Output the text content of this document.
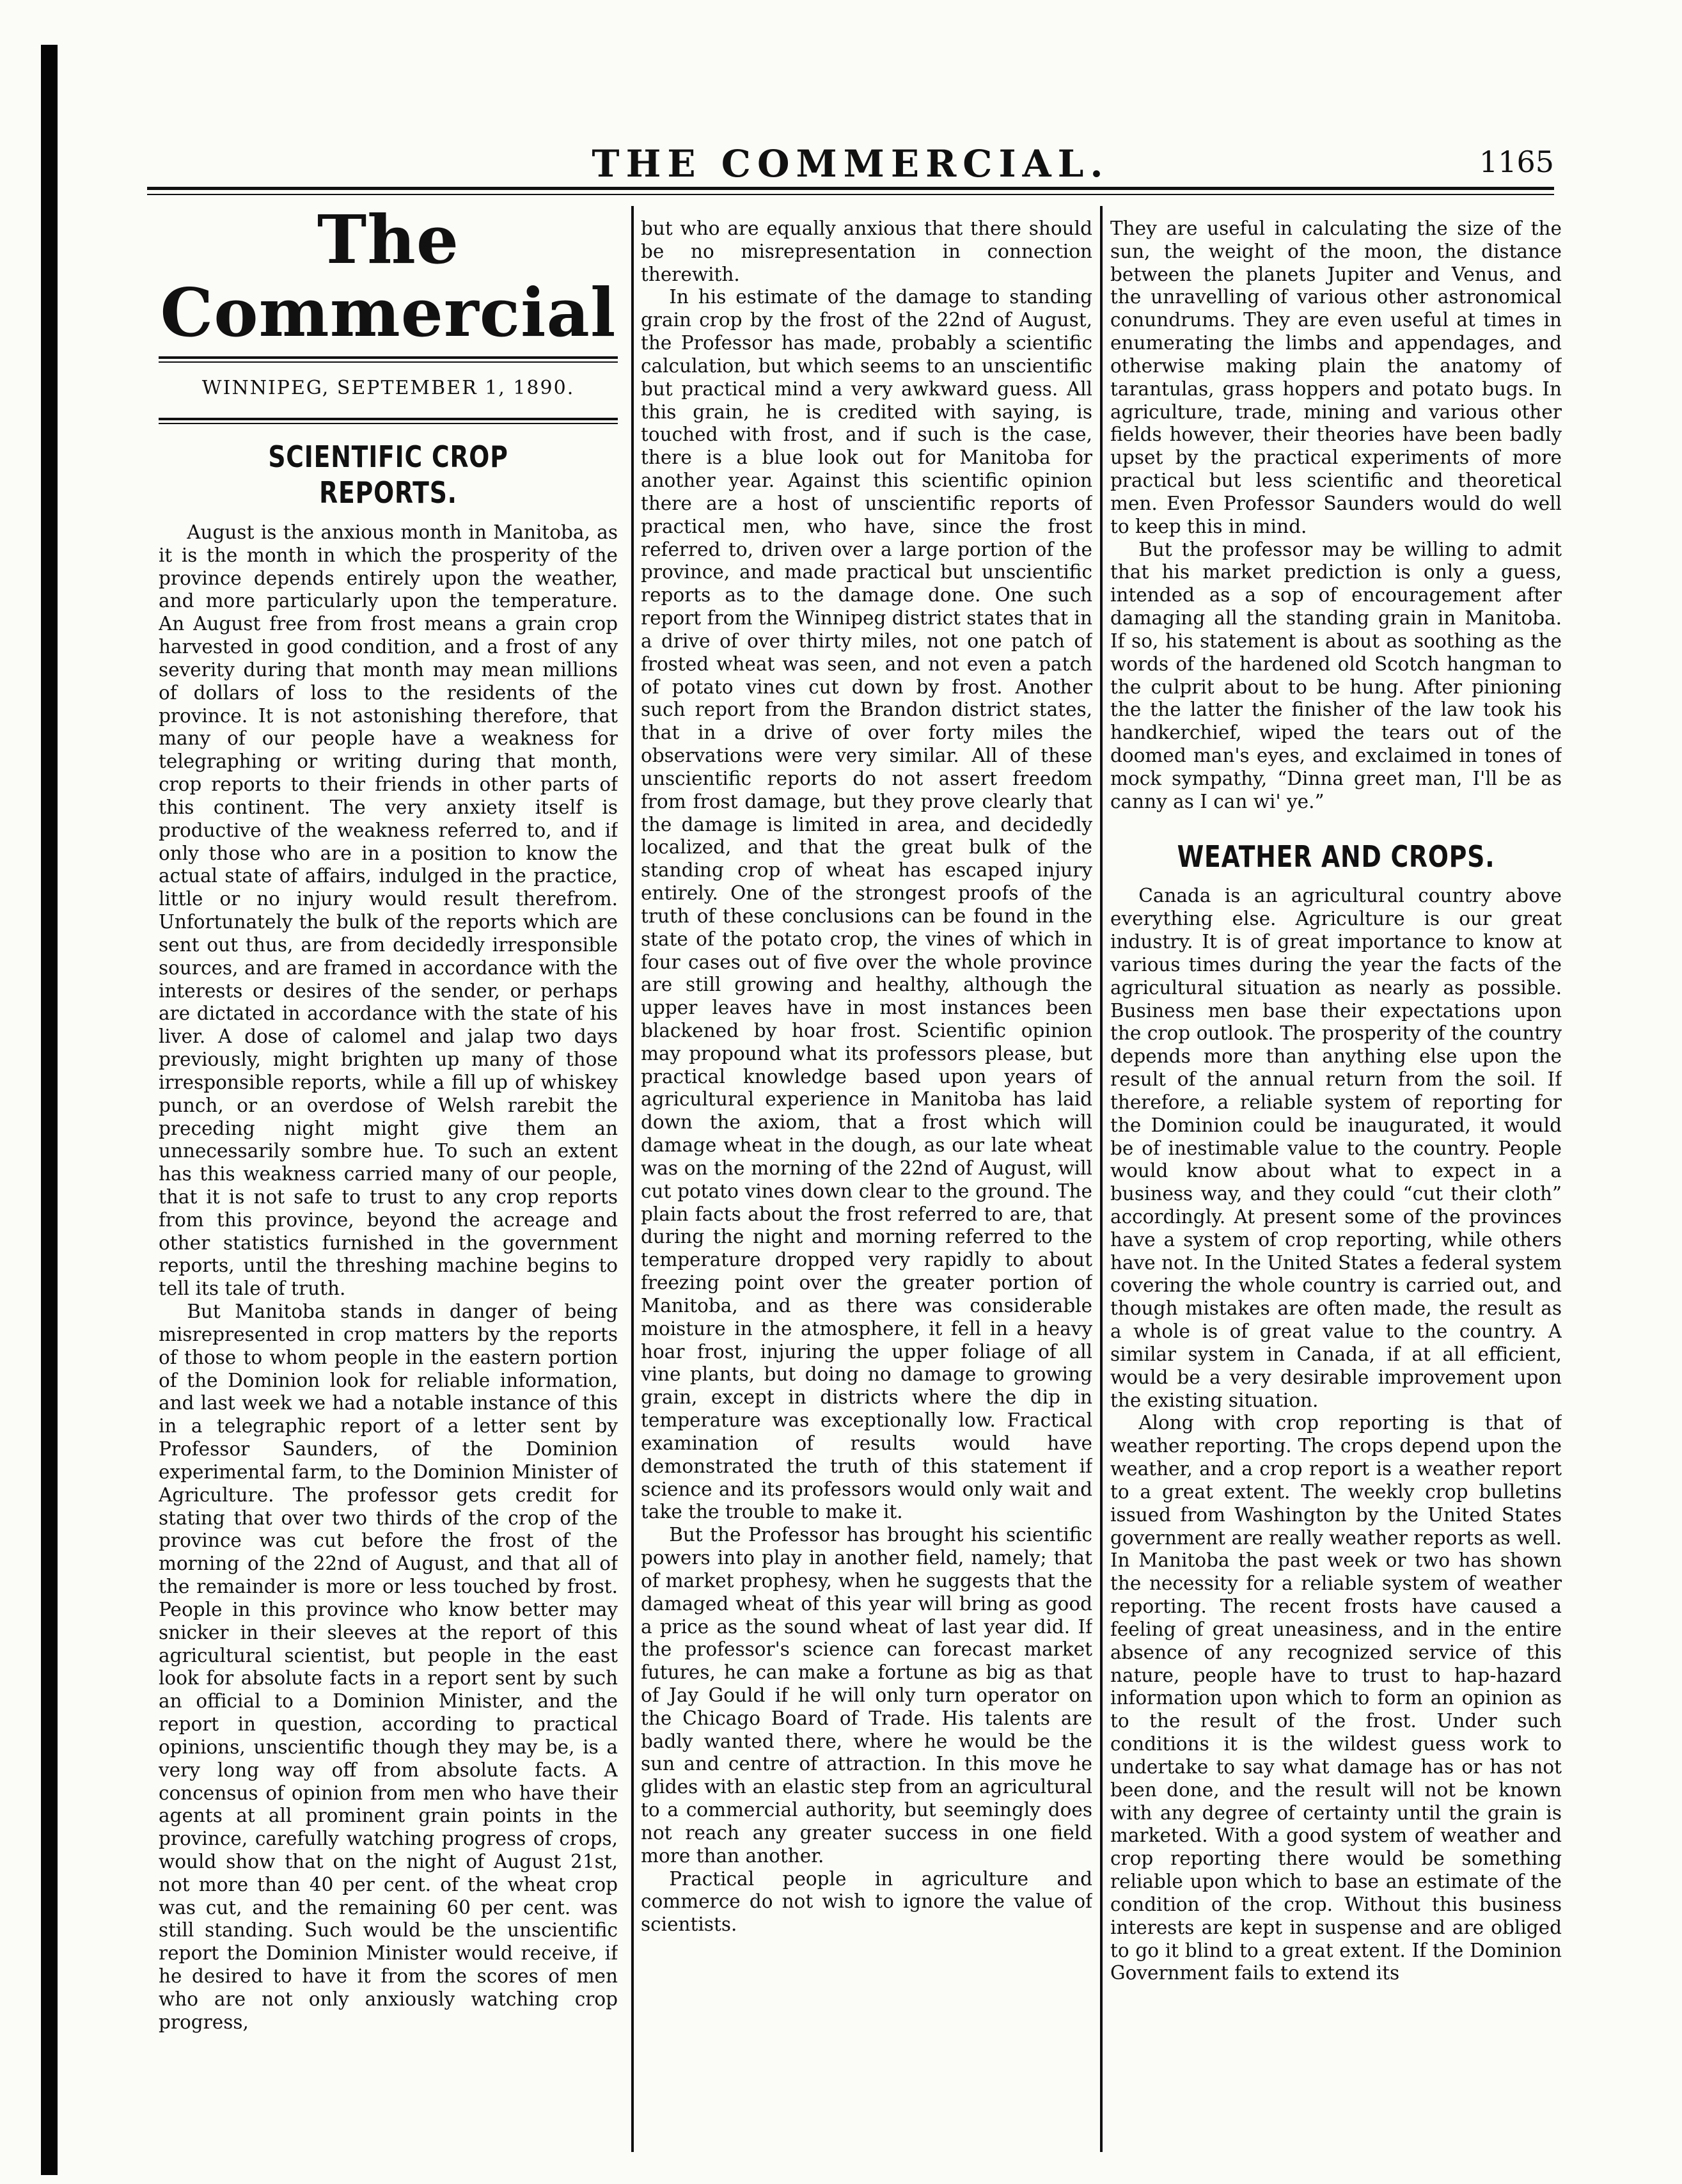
THE COMMERCIAL.	1165
The Commercial
WINNIPEG, SEPTEMBER 1, 1890.
SCIENTIFIC CROP REPORTS.

August is the anxious month in Manitoba, as it is the month in which the prosperity of the province depends entirely upon the weather, and more particularly upon the temperature. An August free from frost means a grain crop harvested in good condition, and a frost of any severity during that month may mean millions of dollars of loss to the residents of the province. It is not astonishing therefore, that many of our people have a weakness for telegraphing or writing during that month, crop reports to their friends in other parts of this continent. The very anxiety itself is productive of the weakness referred to, and if only those who are in a position to know the actual state of affairs, indulged in the practice, little or no injury would result therefrom. Unfortunately the bulk of the reports which are sent out thus, are from decidedly irresponsible sources, and are framed in accordance with the interests or desires of the sender, or perhaps are dictated in accordance with the state of his liver. A dose of calomel and jalap two days previously, might brighten up many of those irresponsible reports, while a fill up of whiskey punch, or an overdose of Welsh rarebit the preceding night might give them an unnecessarily sombre hue. To such an extent has this weakness carried many of our people, that it is not safe to trust to any crop reports from this province, beyond the acreage and other statistics furnished in the government reports, until the threshing machine begins to tell its tale of truth.

But Manitoba stands in danger of being misrepresented in crop matters by the reports of those to whom people in the eastern portion of the Dominion look for reliable information, and last week we had a notable instance of this in a telegraphic report of a letter sent by Professor Saunders, of the Dominion experimental farm, to the Dominion Minister of Agriculture. The professor gets credit for stating that over two thirds of the crop of the province was cut before the frost of the morning of the 22nd of August, and that all of the remainder is more or less touched by frost. People in this province who know better may snicker in their sleeves at the report of this agricultural scientist, but people in the east look for absolute facts in a report sent by such an official to a Dominion Minister, and the report in question, according to practical opinions, unscientific though they may be, is a very long way off from absolute facts. A concensus of opinion from men who have their agents at all prominent grain points in the province, carefully watching progress of crops, would show that on the night of August 21st, not more than 40 per cent. of the wheat crop was cut, and the remaining 60 per cent. was still standing. Such would be the unscientific report the Dominion Minister would receive, if he desired to have it from the scores of men who are not only anxiously watching crop progress,

but who are equally anxious that there should be no misrepresentation in connection therewith.

In his estimate of the damage to standing grain crop by the frost of the 22nd of August, the Professor has made, probably a scientific calculation, but which seems to an unscientific but practical mind a very awkward guess. All this grain, he is credited with saying, is touched with frost, and if such is the case, there is a blue look out for Manitoba for another year. Against this scientific opinion there are a host of unscientific reports of practical men, who have, since the frost referred to, driven over a large portion of the province, and made practical but unscientific reports as to the damage done. One such report from the Winnipeg district states that in a drive of over thirty miles, not one patch of frosted wheat was seen, and not even a patch of potato vines cut down by frost. Another such report from the Brandon district states, that in a drive of over forty miles the observations were very similar. All of these unscientific reports do not assert freedom from frost damage, but they prove clearly that the damage is limited in area, and decidedly localized, and that the great bulk of the standing crop of wheat has escaped injury entirely. One of the strongest proofs of the truth of these conclusions can be found in the state of the potato crop, the vines of which in four cases out of five over the whole province are still growing and healthy, although the upper leaves have in most instances been blackened by hoar frost. Scientific opinion may propound what its professors please, but practical knowledge based upon years of agricultural experience in Manitoba has laid down the axiom, that a frost which will damage wheat in the dough, as our late wheat was on the morning of the 22nd of August, will cut potato vines down clear to the ground. The plain facts about the frost referred to are, that during the night and morning referred to the temperature dropped very rapidly to about freezing point over the greater portion of Manitoba, and as there was considerable moisture in the atmosphere, it fell in a heavy hoar frost, injuring the upper foliage of all vine plants, but doing no damage to growing grain, except in districts where the dip in temperature was exceptionally low. Fractical examination of results would have demonstrated the truth of this statement if science and its professors would only wait and take the trouble to make it.

But the Professor has brought his scientific powers into play in another field, namely; that of market prophesy, when he suggests that the damaged wheat of this year will bring as good a price as the sound wheat of last year did. If the professor's science can forecast market futures, he can make a fortune as big as that of Jay Gould if he will only turn operator on the Chicago Board of Trade. His talents are badly wanted there, where he would be the sun and centre of attraction. In this move he glides with an elastic step from an agricultural to a commercial authority, but seemingly does not reach any greater success in one field more than another.

Practical people in agriculture and commerce do not wish to ignore the value of scientists.

They are useful in calculating the size of the sun, the weight of the moon, the distance between the planets Jupiter and Venus, and the unravelling of various other astronomical conundrums. They are even useful at times in enumerating the limbs and appendages, and otherwise making plain the anatomy of tarantulas, grass hoppers and potato bugs. In agriculture, trade, mining and various other fields however, their theories have been badly upset by the practical experiments of more practical but less scientific and theoretical men. Even Professor Saunders would do well to keep this in mind.

But the professor may be willing to admit that his market prediction is only a guess, intended as a sop of encouragement after damaging all the standing grain in Manitoba. If so, his statement is about as soothing as the words of the hardened old Scotch hangman to the culprit about to be hung. After pinioning the the latter the finisher of the law took his handkerchief, wiped the tears out of the doomed man's eyes, and exclaimed in tones of mock sympathy, “Dinna greet man, I'll be as canny as I can wi' ye.”

WEATHER AND CROPS.

Canada is an agricultural country above everything else. Agriculture is our great industry. It is of great importance to know at various times during the year the facts of the agricultural situation as nearly as possible. Business men base their expectations upon the crop outlook. The prosperity of the country depends more than anything else upon the result of the annual return from the soil. If therefore, a reliable system of reporting for the Dominion could be inaugurated, it would be of inestimable value to the country. People would know about what to expect in a business way, and they could “cut their cloth” accordingly. At present some of the provinces have a system of crop reporting, while others have not. In the United States a federal system covering the whole country is carried out, and though mistakes are often made, the result as a whole is of great value to the country. A similar system in Canada, if at all efficient, would be a very desirable improvement upon the existing situation.

Along with crop reporting is that of weather reporting. The crops depend upon the weather, and a crop report is a weather report to a great extent. The weekly crop bulletins issued from Washington by the United States government are really weather reports as well. In Manitoba the past week or two has shown the necessity for a reliable system of weather reporting. The recent frosts have caused a feeling of great uneasiness, and in the entire absence of any recognized service of this nature, people have to trust to hap-hazard information upon which to form an opinion as to the result of the frost. Under such conditions it is the wildest guess work to undertake to say what damage has or has not been done, and the result will not be known with any degree of certainty until the grain is marketed. With a good system of weather and crop reporting there would be something reliable upon which to base an estimate of the condition of the crop. Without this business interests are kept in suspense and are obliged to go it blind to a great extent. If the Dominion Government fails to extend its
